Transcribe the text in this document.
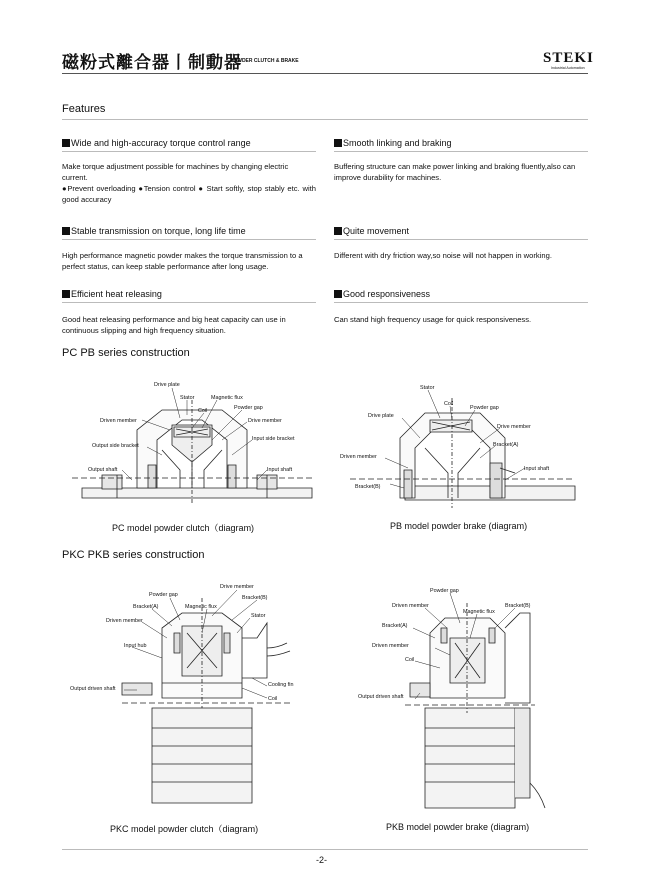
磁粉式離合器丨制動器
POWDER CLUTCH & BRAKE	STEKI
Industrial Automation
Features
Wide and high-accuracy torque control range
Make torque adjustment possible for machines by changing electric current.
●Prevent overloading ●Tension control ● Start softly, stop stably etc. with good accuracy
Smooth linking and braking
Buffering structure can make power linking and braking fluently,also can improve durability for machines.
Stable transmission on torque, long life time
High performance magnetic powder makes the torque transmission to a perfect status, can keep stable performance after long usage.
Quite movement
Different with dry friction way,so noise will not happen in working.
Efficient heat releasing
Good heat releasing performance and big heat capacity can use in continuous slipping and high frequency situation.
Good responsiveness
Can stand high frequency usage for quick responsiveness.
PC PB series construction
Drive plate
Stator	Magnetic flux
Coil	Powder gap
Driven member	Drive member
Output side bracket
Input side bracket
Output shaft	Input shaft
PC model powder clutch（diagram)
Stator
Coil
Drive plate
Powder gap
Drive member
Bracket(A)
Driven member
Input shaft
Bracket(B)
PB model powder brake (diagram)
PKC PKB series construction
Drive member
Powder gap	Bracket(B)
Bracket(A)	Magnetic flux
Stator
Driven member
Input hub
Output driven shaft
Cooling fin
Coil
PKC model powder clutch（diagram)
Powder gap
Driven member
Magnetic flux
Bracket(B)
Bracket(A)
Driven member
Coil
Output driven shaft
PKB model powder brake (diagram)
-2-
